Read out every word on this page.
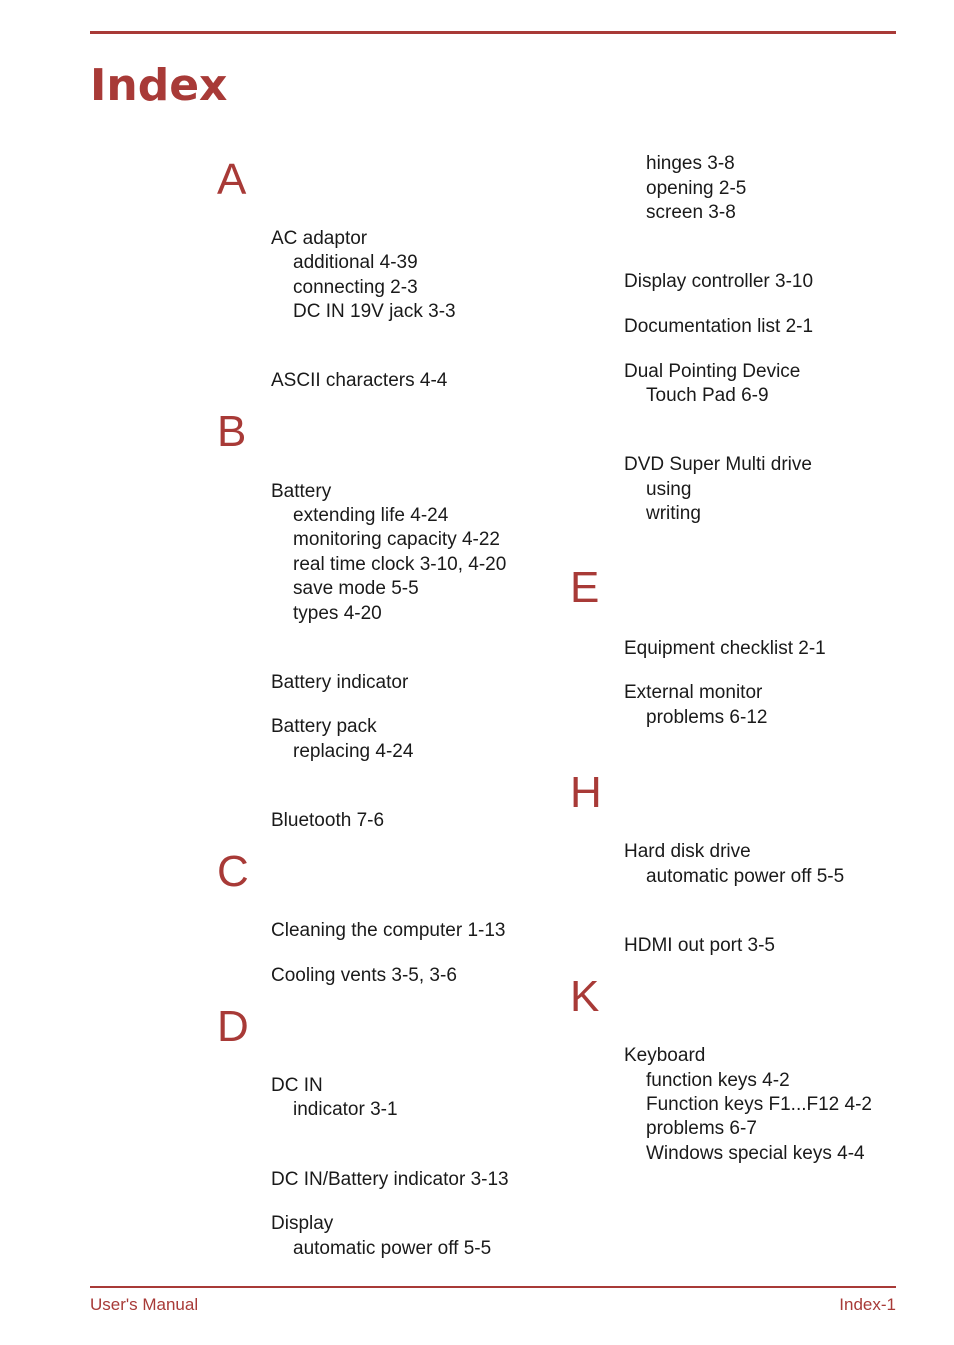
Index
A
B
C
D
E
H
K
AC adaptor
additional 4-39
connecting 2-3
DC IN 19V jack 3-3
ASCII characters 4-4
Battery
extending life 4-24
monitoring capacity 4-22
real time clock 3-10, 4-20
save mode 5-5
types 4-20
Battery indicator
Battery pack
replacing 4-24
Bluetooth 7-6
Cleaning the computer 1-13
Cooling vents 3-5, 3-6
DC IN
indicator 3-1
DC IN/Battery indicator 3-13
Display
automatic power off 5-5
hinges 3-8
opening 2-5
screen 3-8
Display controller 3-10
Documentation list 2-1
Dual Pointing Device
Touch Pad 6-9
DVD Super Multi drive
using
writing
Equipment checklist 2-1
External monitor
problems 6-12
Hard disk drive
automatic power off 5-5
HDMI out port 3-5
Keyboard
function keys 4-2
Function keys F1...F12 4-2
problems 6-7
Windows special keys 4-4
User's Manual	Index-1
